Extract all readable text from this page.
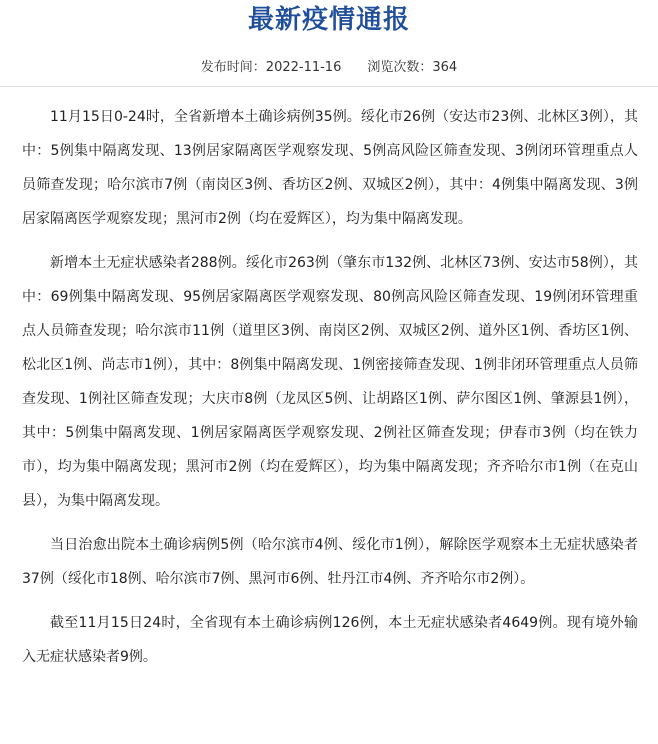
最新疫情通报
发布时间：2022-11-16 浏览次数：364

11月15日0-24时，全省新增本土确诊病例35例。绥化市26例（安达市23例、北林区3例），其中：5例集中隔离发现、13例居家隔离医学观察发现、5例高风险区筛查发现、3例闭环管理重点人员筛查发现；哈尔滨市7例（南岗区3例、香坊区2例、双城区2例），其中：4例集中隔离发现、3例居家隔离医学观察发现；黑河市2例（均在爱辉区），均为集中隔离发现。

新增本土无症状感染者288例。绥化市263例（肇东市132例、北林区73例、安达市58例），其中：69例集中隔离发现、95例居家隔离医学观察发现、80例高风险区筛查发现、19例闭环管理重点人员筛查发现；哈尔滨市11例（道里区3例、南岗区2例、双城区2例、道外区1例、香坊区1例、松北区1例、尚志市1例），其中：8例集中隔离发现、1例密接筛查发现、1例非闭环管理重点人员筛查发现、1例社区筛查发现；大庆市8例（龙凤区5例、让胡路区1例、萨尔图区1例、肇源县1例），其中：5例集中隔离发现、1例居家隔离医学观察发现、2例社区筛查发现；伊春市3例（均在铁力市），均为集中隔离发现；黑河市2例（均在爱辉区），均为集中隔离发现；齐齐哈尔市1例（在克山县），为集中隔离发现。

当日治愈出院本土确诊病例5例（哈尔滨市4例、绥化市1例），解除医学观察本土无症状感染者37例（绥化市18例、哈尔滨市7例、黑河市6例、牡丹江市4例、齐齐哈尔市2例）。

截至11月15日24时，全省现有本土确诊病例126例，本土无症状感染者4649例。现有境外输入无症状感染者9例。
